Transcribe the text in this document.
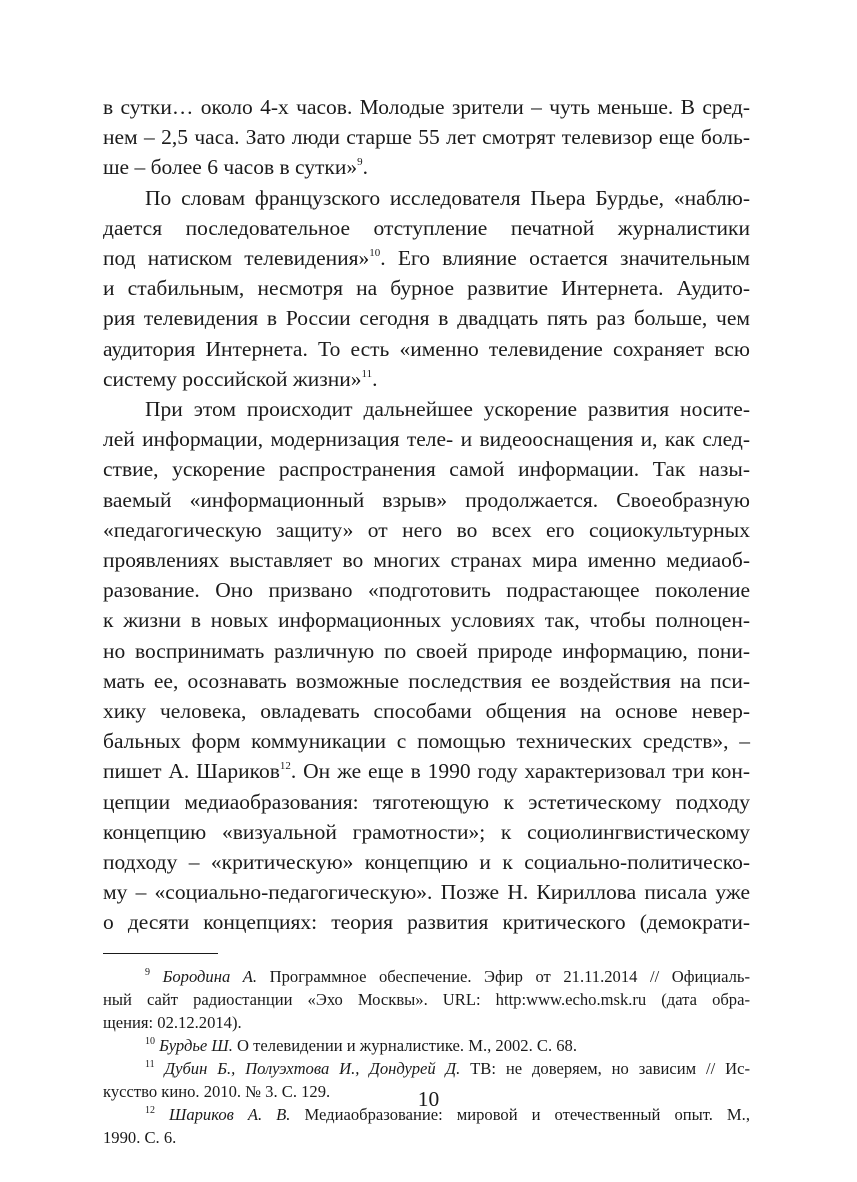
в сутки… около 4-х часов. Молодые зрители – чуть меньше. В сред-
нем – 2,5 часа. Зато люди старше 55 лет смотрят телевизор еще боль-
ше – более 6 часов в сутки»$^9$.

По словам французского исследователя Пьера Бурдье, «наблю-
дается последовательное отступление печатной журналистики
под натиском телевидения»$^{10}$. Его влияние остается значительным
и стабильным, несмотря на бурное развитие Интернета. Аудито-
рия телевидения в России сегодня в двадцать пять раз больше, чем
аудитория Интернета. То есть «именно телевидение сохраняет всю
систему российской жизни»$^{11}$.

При этом происходит дальнейшее ускорение развития носите-
лей информации, модернизация теле- и видеооснащения и, как след-
ствие, ускорение распространения самой информации. Так назы-
ваемый «информационный взрыв» продолжается. Своеобразную
«педагогическую защиту» от него во всех его социокультурных
проявлениях выставляет во многих странах мира именно медиаоб-
разование. Оно призвано «подготовить подрастающее поколение
к жизни в новых информационных условиях так, чтобы полноцен-
но воспринимать различную по своей природе информацию, пони-
мать ее, осознавать возможные последствия ее воздействия на пси-
хику человека, овладевать способами общения на основе невер-
бальных форм коммуникации с помощью технических средств», –
пишет А. Шариков$^{12}$. Он же еще в 1990 году характеризовал три кон-
цепции медиаобразования: тяготеющую к эстетическому подходу
концепцию «визуальной грамотности»; к социолингвистическому
подходу – «критическую» концепцию и к социально-политическо-
му – «социально-педагогическую». Позже Н. Кириллова писала уже
о десяти концепциях: теория развития критического (демократи-

$^9$ Бородина А. Программное обеспечение. Эфир от 21.11.2014 // Официаль-
ный сайт радиостанции «Эхо Москвы». URL: http:www.echo.msk.ru (дата обра-
щения: 02.12.2014).
$^{10}$ Бурдье Ш. О телевидении и журналистике. М., 2002. С. 68.
$^{11}$ Дубин Б., Полуэхтова И., Дондурей Д. ТВ: не доверяем, но зависим // Ис-
кусство кино. 2010. № 3. С. 129.
$^{12}$ Шариков А. В. Медиаобразование: мировой и отечественный опыт. М.,
1990. С. 6.
10
